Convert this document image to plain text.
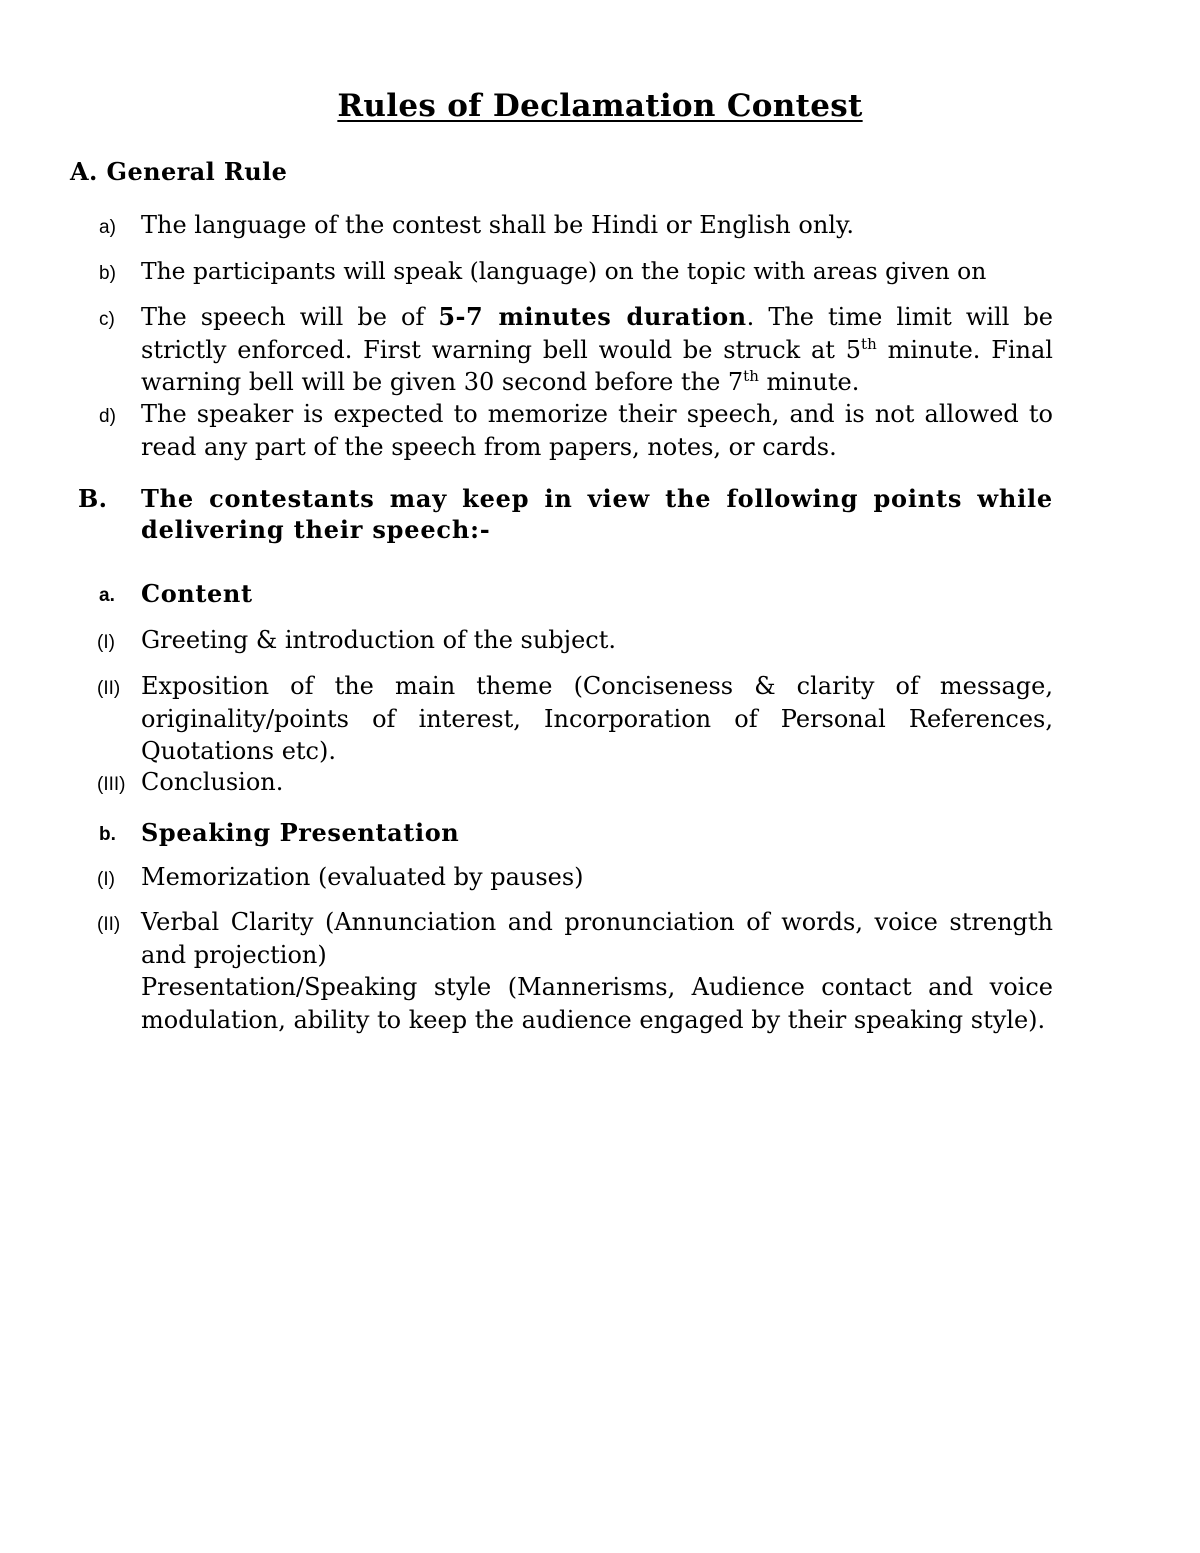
Rules of Declamation Contest
A. General Rule
a) The language of the contest shall be Hindi or English only.
b) The participants will speak (language) on the topic with areas given on
c) The speech will be of 5-7 minutes duration. The time limit will be strictly enforced. First warning bell would be struck at 5th minute. Final warning bell will be given 30 second before the 7th minute.
d) The speaker is expected to memorize their speech, and is not allowed to read any part of the speech from papers, notes, or cards.
B. The contestants may keep in view the following points while delivering their speech:-
a. Content
(I) Greeting & introduction of the subject.
(II) Exposition of the main theme (Conciseness & clarity of message, originality/points of interest, Incorporation of Personal References, Quotations etc).
(III) Conclusion.
b. Speaking Presentation
(I) Memorization (evaluated by pauses)
(II) Verbal Clarity (Annunciation and pronunciation of words, voice strength and projection)
Presentation/Speaking style (Mannerisms, Audience contact and voice modulation, ability to keep the audience engaged by their speaking style).
